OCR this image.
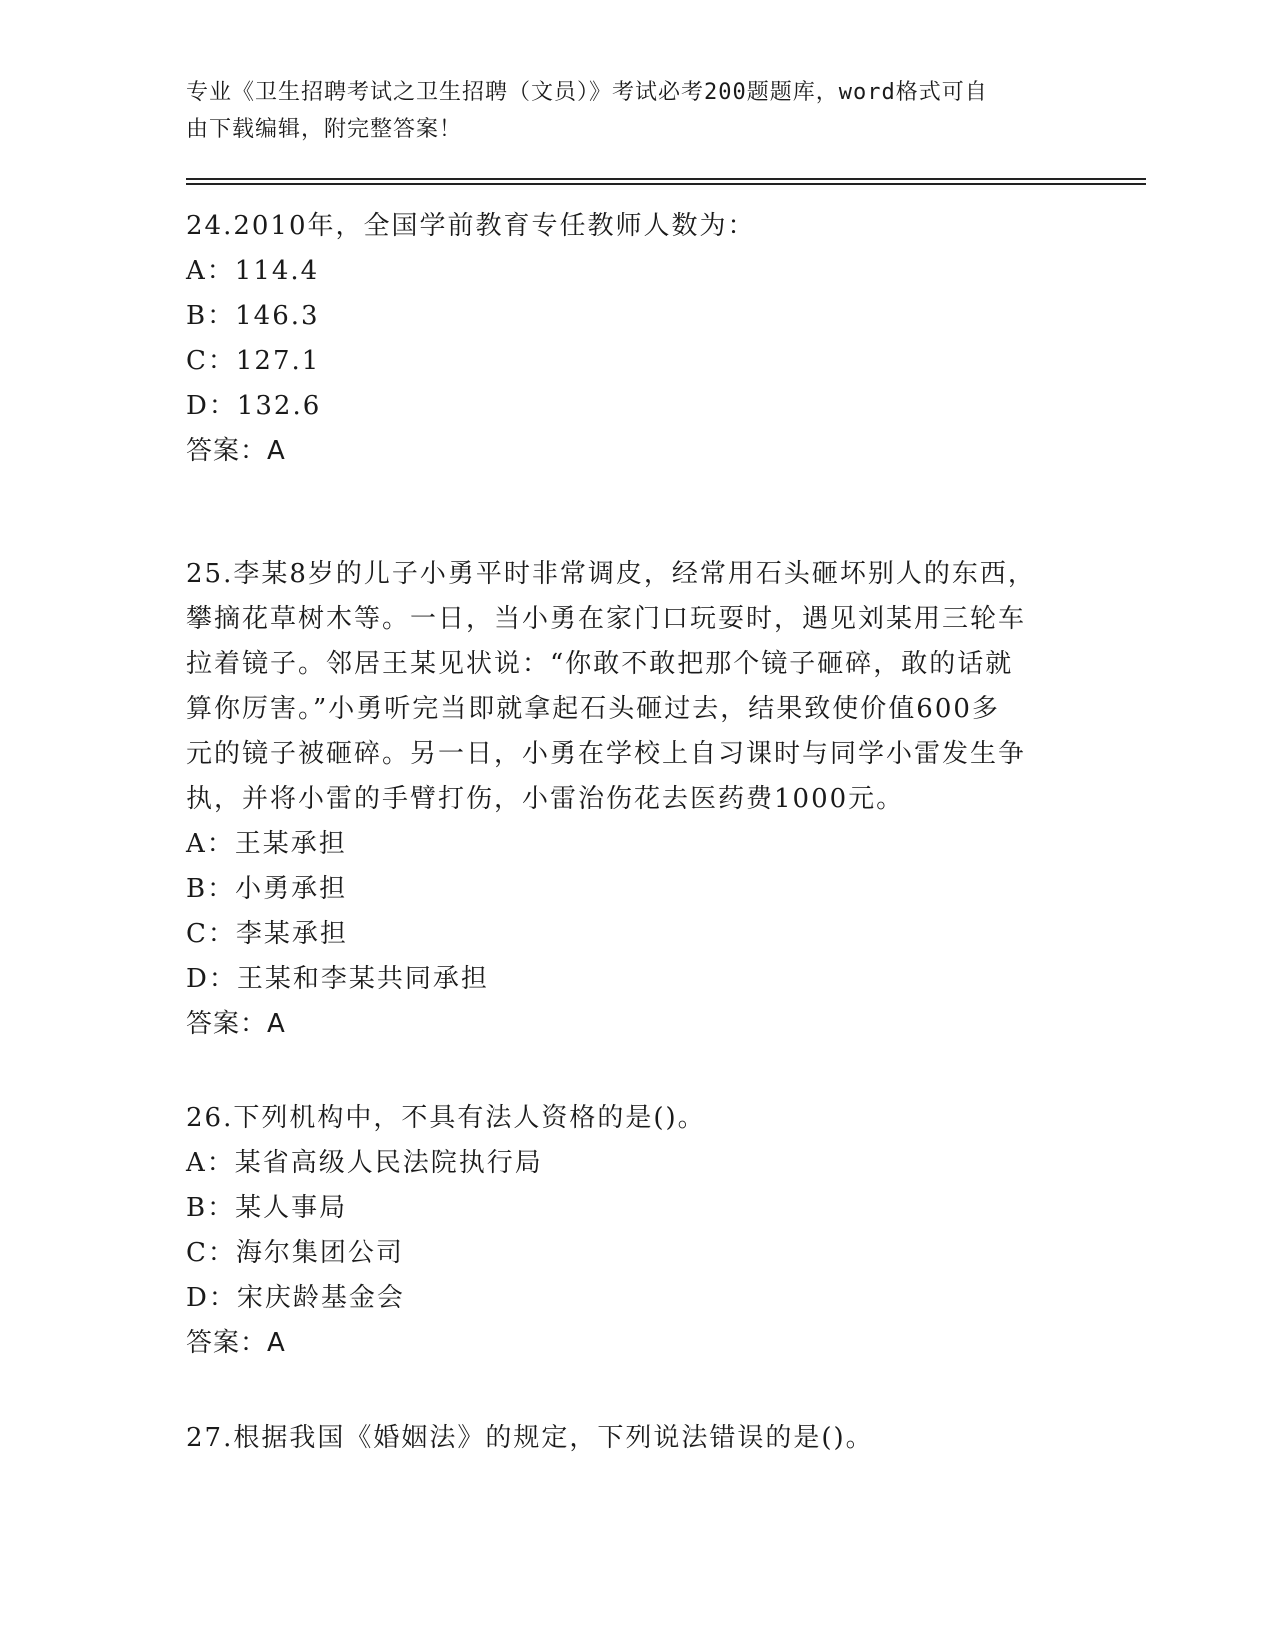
专业《卫生招聘考试之卫生招聘（文员）》考试必考200题题库，word格式可自
由下载编辑，附完整答案！
24.2010年，全国学前教育专任教师人数为：
A：114.4
B：146.3
C：127.1
D：132.6
答案：A
25.李某8岁的儿子小勇平时非常调皮，经常用石头砸坏别人的东西，
攀摘花草树木等。一日，当小勇在家门口玩耍时，遇见刘某用三轮车
拉着镜子。邻居王某见状说：“你敢不敢把那个镜子砸碎，敢的话就
算你厉害。”小勇听完当即就拿起石头砸过去，结果致使价值600多
元的镜子被砸碎。另一日，小勇在学校上自习课时与同学小雷发生争
执，并将小雷的手臂打伤，小雷治伤花去医药费1000元。
A：王某承担
B：小勇承担
C：李某承担
D：王某和李某共同承担
答案：A
26.下列机构中，不具有法人资格的是()。
A：某省高级人民法院执行局
B：某人事局
C：海尔集团公司
D：宋庆龄基金会
答案：A
27.根据我国《婚姻法》的规定，下列说法错误的是()。
